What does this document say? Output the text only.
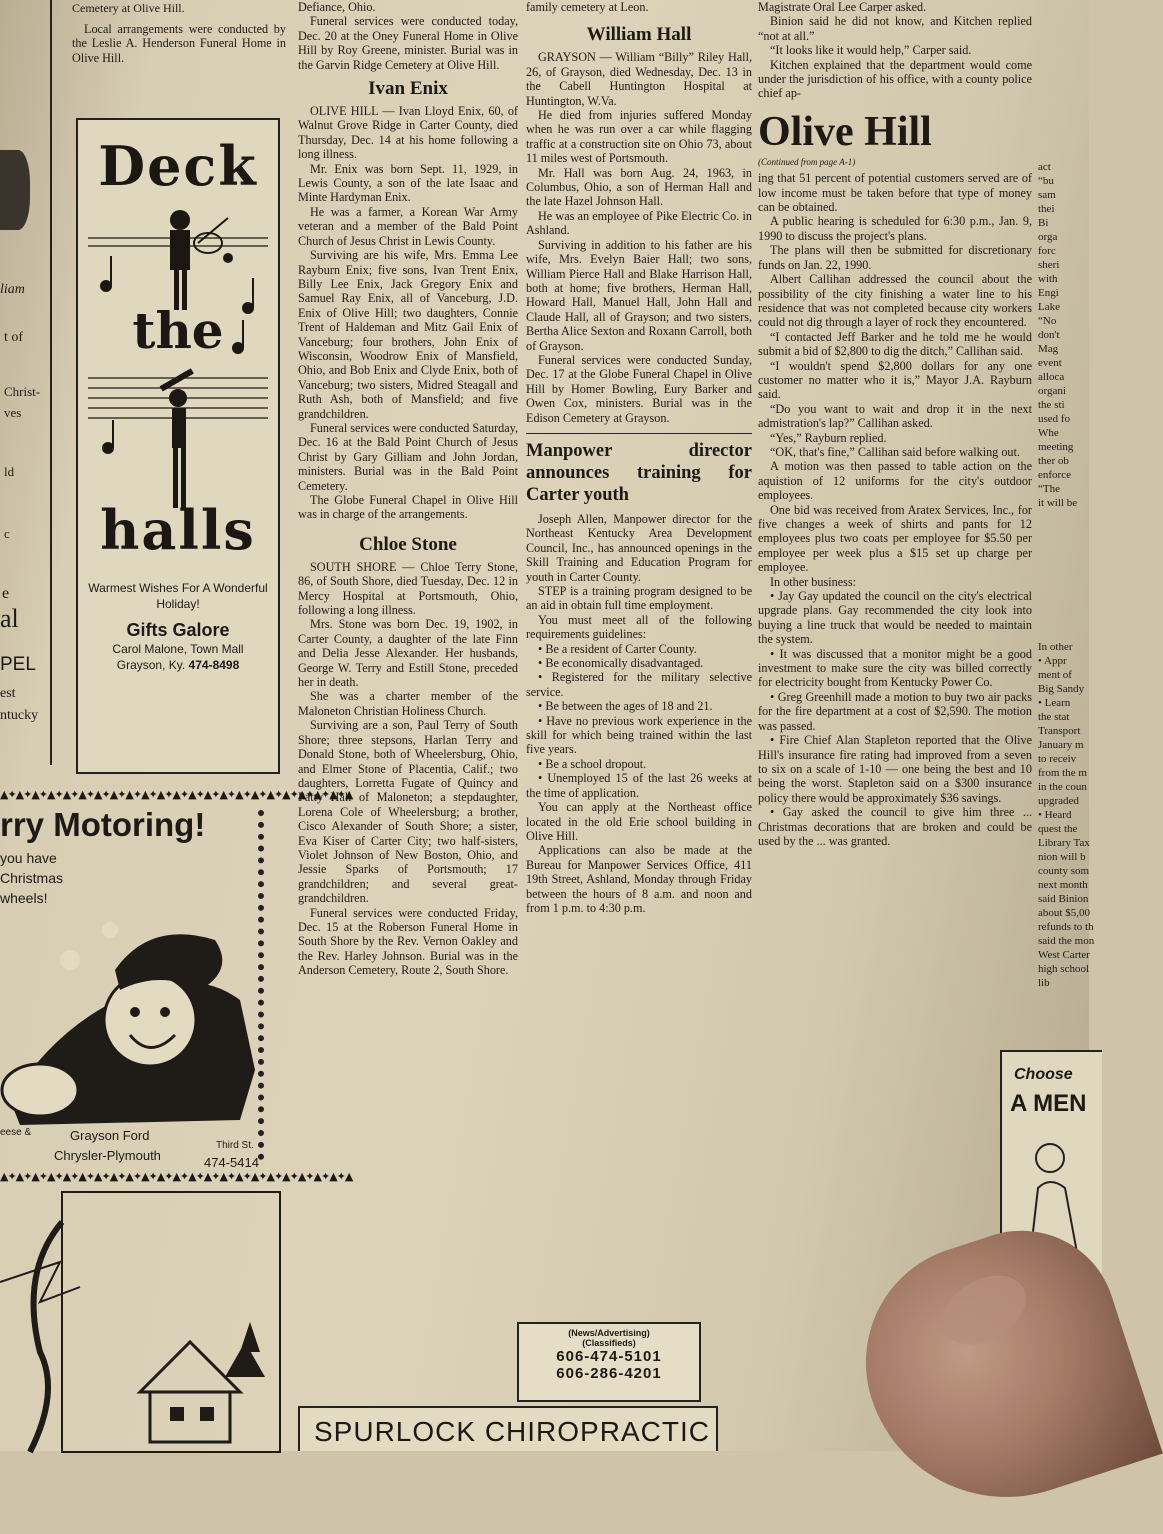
liam
t of
Christ-
ves
ld
c
e
al
PEL
est
ntucky
you have
Christmas
wheels!

Cemetery at Olive Hill.

Local arrangements were conducted by the Leslie A. Henderson Funeral Home in Olive Hill.

Deck
the
halls
Warmest Wishes For A Wonderful Holiday!
Gifts Galore
Carol Malone, Town Mall
Grayson, Ky. 474-8498
▲✦▲✦▲✦▲✦▲✦▲✦▲✦▲✦▲✦▲✦▲✦▲✦▲✦▲✦▲✦▲✦▲✦▲✦▲✦▲✦▲✦▲✦▲
rry Motoring!
eese &	Grayson Ford
Chrysler-Plymouth
Third St.
474-5414
▲✦▲✦▲✦▲✦▲✦▲✦▲✦▲✦▲✦▲✦▲✦▲✦▲✦▲✦▲✦▲✦▲✦▲✦▲✦▲✦▲✦▲✦▲

Defiance, Ohio.

Funeral services were conducted today, Dec. 20 at the Oney Funeral Home in Olive Hill by Roy Greene, minister. Burial was in the Garvin Ridge Cemetery at Olive Hill.

Ivan Enix

OLIVE HILL — Ivan Lloyd Enix, 60, of Walnut Grove Ridge in Carter County, died Thursday, Dec. 14 at his home following a long illness.

Mr. Enix was born Sept. 11, 1929, in Lewis County, a son of the late Isaac and Minte Hardyman Enix.

He was a farmer, a Korean War Army veteran and a member of the Bald Point Church of Jesus Christ in Lewis County.

Surviving are his wife, Mrs. Emma Lee Rayburn Enix; five sons, Ivan Trent Enix, Billy Lee Enix, Jack Gregory Enix and Samuel Ray Enix, all of Vanceburg, J.D. Enix of Olive Hill; two daughters, Connie Trent of Haldeman and Mitz Gail Enix of Vanceburg; four brothers, John Enix of Wisconsin, Woodrow Enix of Mansfield, Ohio, and Bob Enix and Clyde Enix, both of Vanceburg; two sisters, Midred Steagall and Ruth Ash, both of Mansfield; and five grandchildren.

Funeral services were conducted Saturday, Dec. 16 at the Bald Point Church of Jesus Christ by Gary Gilliam and John Jordan, ministers. Burial was in the Bald Point Cemetery.

The Globe Funeral Chapel in Olive Hill was in charge of the arrangements.

Chloe Stone

SOUTH SHORE — Chloe Terry Stone, 86, of South Shore, died Tuesday, Dec. 12 in Mercy Hospital at Portsmouth, Ohio, following a long illness.

Mrs. Stone was born Dec. 19, 1902, in Carter County, a daughter of the late Finn and Delia Jesse Alexander. Her husbands, George W. Terry and Estill Stone, preceded her in death.

She was a charter member of the Maloneton Christian Holiness Church.

Surviving are a son, Paul Terry of South Shore; three stepsons, Harlan Terry and Donald Stone, both of Wheelersburg, Ohio, and Elmer Stone of Placentia, Calif.; two daughters, Lorretta Fugate of Quincy and Patty Hall of Maloneton; a stepdaughter, Lorena Cole of Wheelersburg; a brother, Cisco Alexander of South Shore; a sister, Eva Kiser of Carter City; two half-sisters, Violet Johnson of New Boston, Ohio, and Jessie Sparks of Portsmouth; 17 grandchildren; and several great-grandchildren.

Funeral services were conducted Friday, Dec. 15 at the Roberson Funeral Home in South Shore by the Rev. Vernon Oakley and the Rev. Harley Johnson. Burial was in the Anderson Cemetery, Route 2, South Shore.

family cemetery at Leon.

William Hall

GRAYSON — William “Billy” Riley Hall, 26, of Grayson, died Wednesday, Dec. 13 in the Cabell Huntington Hospital at Huntington, W.Va.

He died from injuries suffered Monday when he was run over a car while flagging traffic at a construction site on Ohio 73, about 11 miles west of Portsmouth.

Mr. Hall was born Aug. 24, 1963, in Columbus, Ohio, a son of Herman Hall and the late Hazel Johnson Hall.

He was an employee of Pike Electric Co. in Ashland.

Surviving in addition to his father are his wife, Mrs. Evelyn Baier Hall; two sons, William Pierce Hall and Blake Harrison Hall, both at home; five brothers, Herman Hall, Howard Hall, Manuel Hall, John Hall and Claude Hall, all of Grayson; and two sisters, Bertha Alice Sexton and Roxann Carroll, both of Grayson.

Funeral services were conducted Sunday, Dec. 17 at the Globe Funeral Chapel in Olive Hill by Homer Bowling, Eury Barker and Owen Cox, ministers. Burial was in the Edison Cemetery at Grayson.

Manpower director announces training for Carter youth

Joseph Allen, Manpower director for the Northeast Kentucky Area Development Council, Inc., has announced openings in the Skill Training and Education Program for youth in Carter County.

STEP is a training program designed to be an aid in obtain full time employment.

You must meet all of the following requirements guidelines:

• Be a resident of Carter County.

• Be economically disadvantaged.

• Registered for the military selective service.

• Be between the ages of 18 and 21.

• Have no previous work experience in the skill for which being trained within the last five years.

• Be a school dropout.

• Unemployed 15 of the last 26 weeks at the time of application.

You can apply at the Northeast office located in the old Erie school building in Olive Hill.

Applications can also be made at the Bureau for Manpower Services Office, 411 19th Street, Ashland, Monday through Friday between the hours of 8 a.m. and noon and from 1 p.m. to 4:30 p.m.

(News/Advertising)
(Classifieds)
606-474-5101
606-286-4201

Magistrate Oral Lee Carper asked.

Binion said he did not know, and Kitchen replied “not at all.”

“It looks like it would help,” Carper said.

Kitchen explained that the department would come under the jurisdiction of his office, with a county police chief ap-

Olive Hill
(Continued from page A-1)

ing that 51 percent of potential customers served are of low income must be taken before that type of money can be obtained.

A public hearing is scheduled for 6:30 p.m., Jan. 9, 1990 to discuss the project's plans.

The plans will then be submitted for discretionary funds on Jan. 22, 1990.

Albert Callihan addressed the council about the possibility of the city finishing a water line to his residence that was not completed because city workers could not dig through a layer of rock they encountered.

“I contacted Jeff Barker and he told me he would submit a bid of $2,800 to dig the ditch,” Callihan said.

“I wouldn't spend $2,800 dollars for any one customer no matter who it is,” Mayor J.A. Rayburn said.

“Do you want to wait and drop it in the next admistration's lap?” Callihan asked.

“Yes,” Rayburn replied.

“OK, that's fine,” Callihan said before walking out.

A motion was then passed to table action on the aquistion of 12 uniforms for the city's outdoor employees.

One bid was received from Aratex Services, Inc., for five changes a week of shirts and pants for 12 employees plus two coats per employee for $5.50 per employee per week plus a $15 set up charge per employee.

In other business:

• Jay Gay updated the council on the city's electrical upgrade plans. Gay recommended the city look into buying a line truck that would be needed to maintain the system.

• It was discussed that a monitor might be a good investment to make sure the city was billed correctly for electricity bought from Kentucky Power Co.

• Greg Greenhill made a motion to buy two air packs for the fire department at a cost of $2,590. The motion was passed.

• Fire Chief Alan Stapleton reported that the Olive Hill's insurance fire rating had improved from a seven to six on a scale of 1-10 — one being the best and 10 being the worst. Stapleton said on a $300 insurance policy there would be approximately $36 savings.

• Gay asked the council to give him three ... Christmas decorations that are broken and could be used by the ... was granted.

act
“bu
sam
thei
Bi
orga
forc
sheri
with
Engi
Lake
“No
don't
Mag
event
alloca
organi
the sti
used fo
Whe
meeting
ther ob
enforce
“The
it will be
In other
• Appr
ment of
Big Sandy
• Learn
the stat
Transport
January m
to receiv
from the m
in the coun
upgraded
• Heard
quest the
Library Tax
nion will b
county som
next month
said Binion
about $5,00
refunds to th
said the mon
West Carter
high school lib
Choose
A MEN
SPURLOCK CHIROPRACTIC
